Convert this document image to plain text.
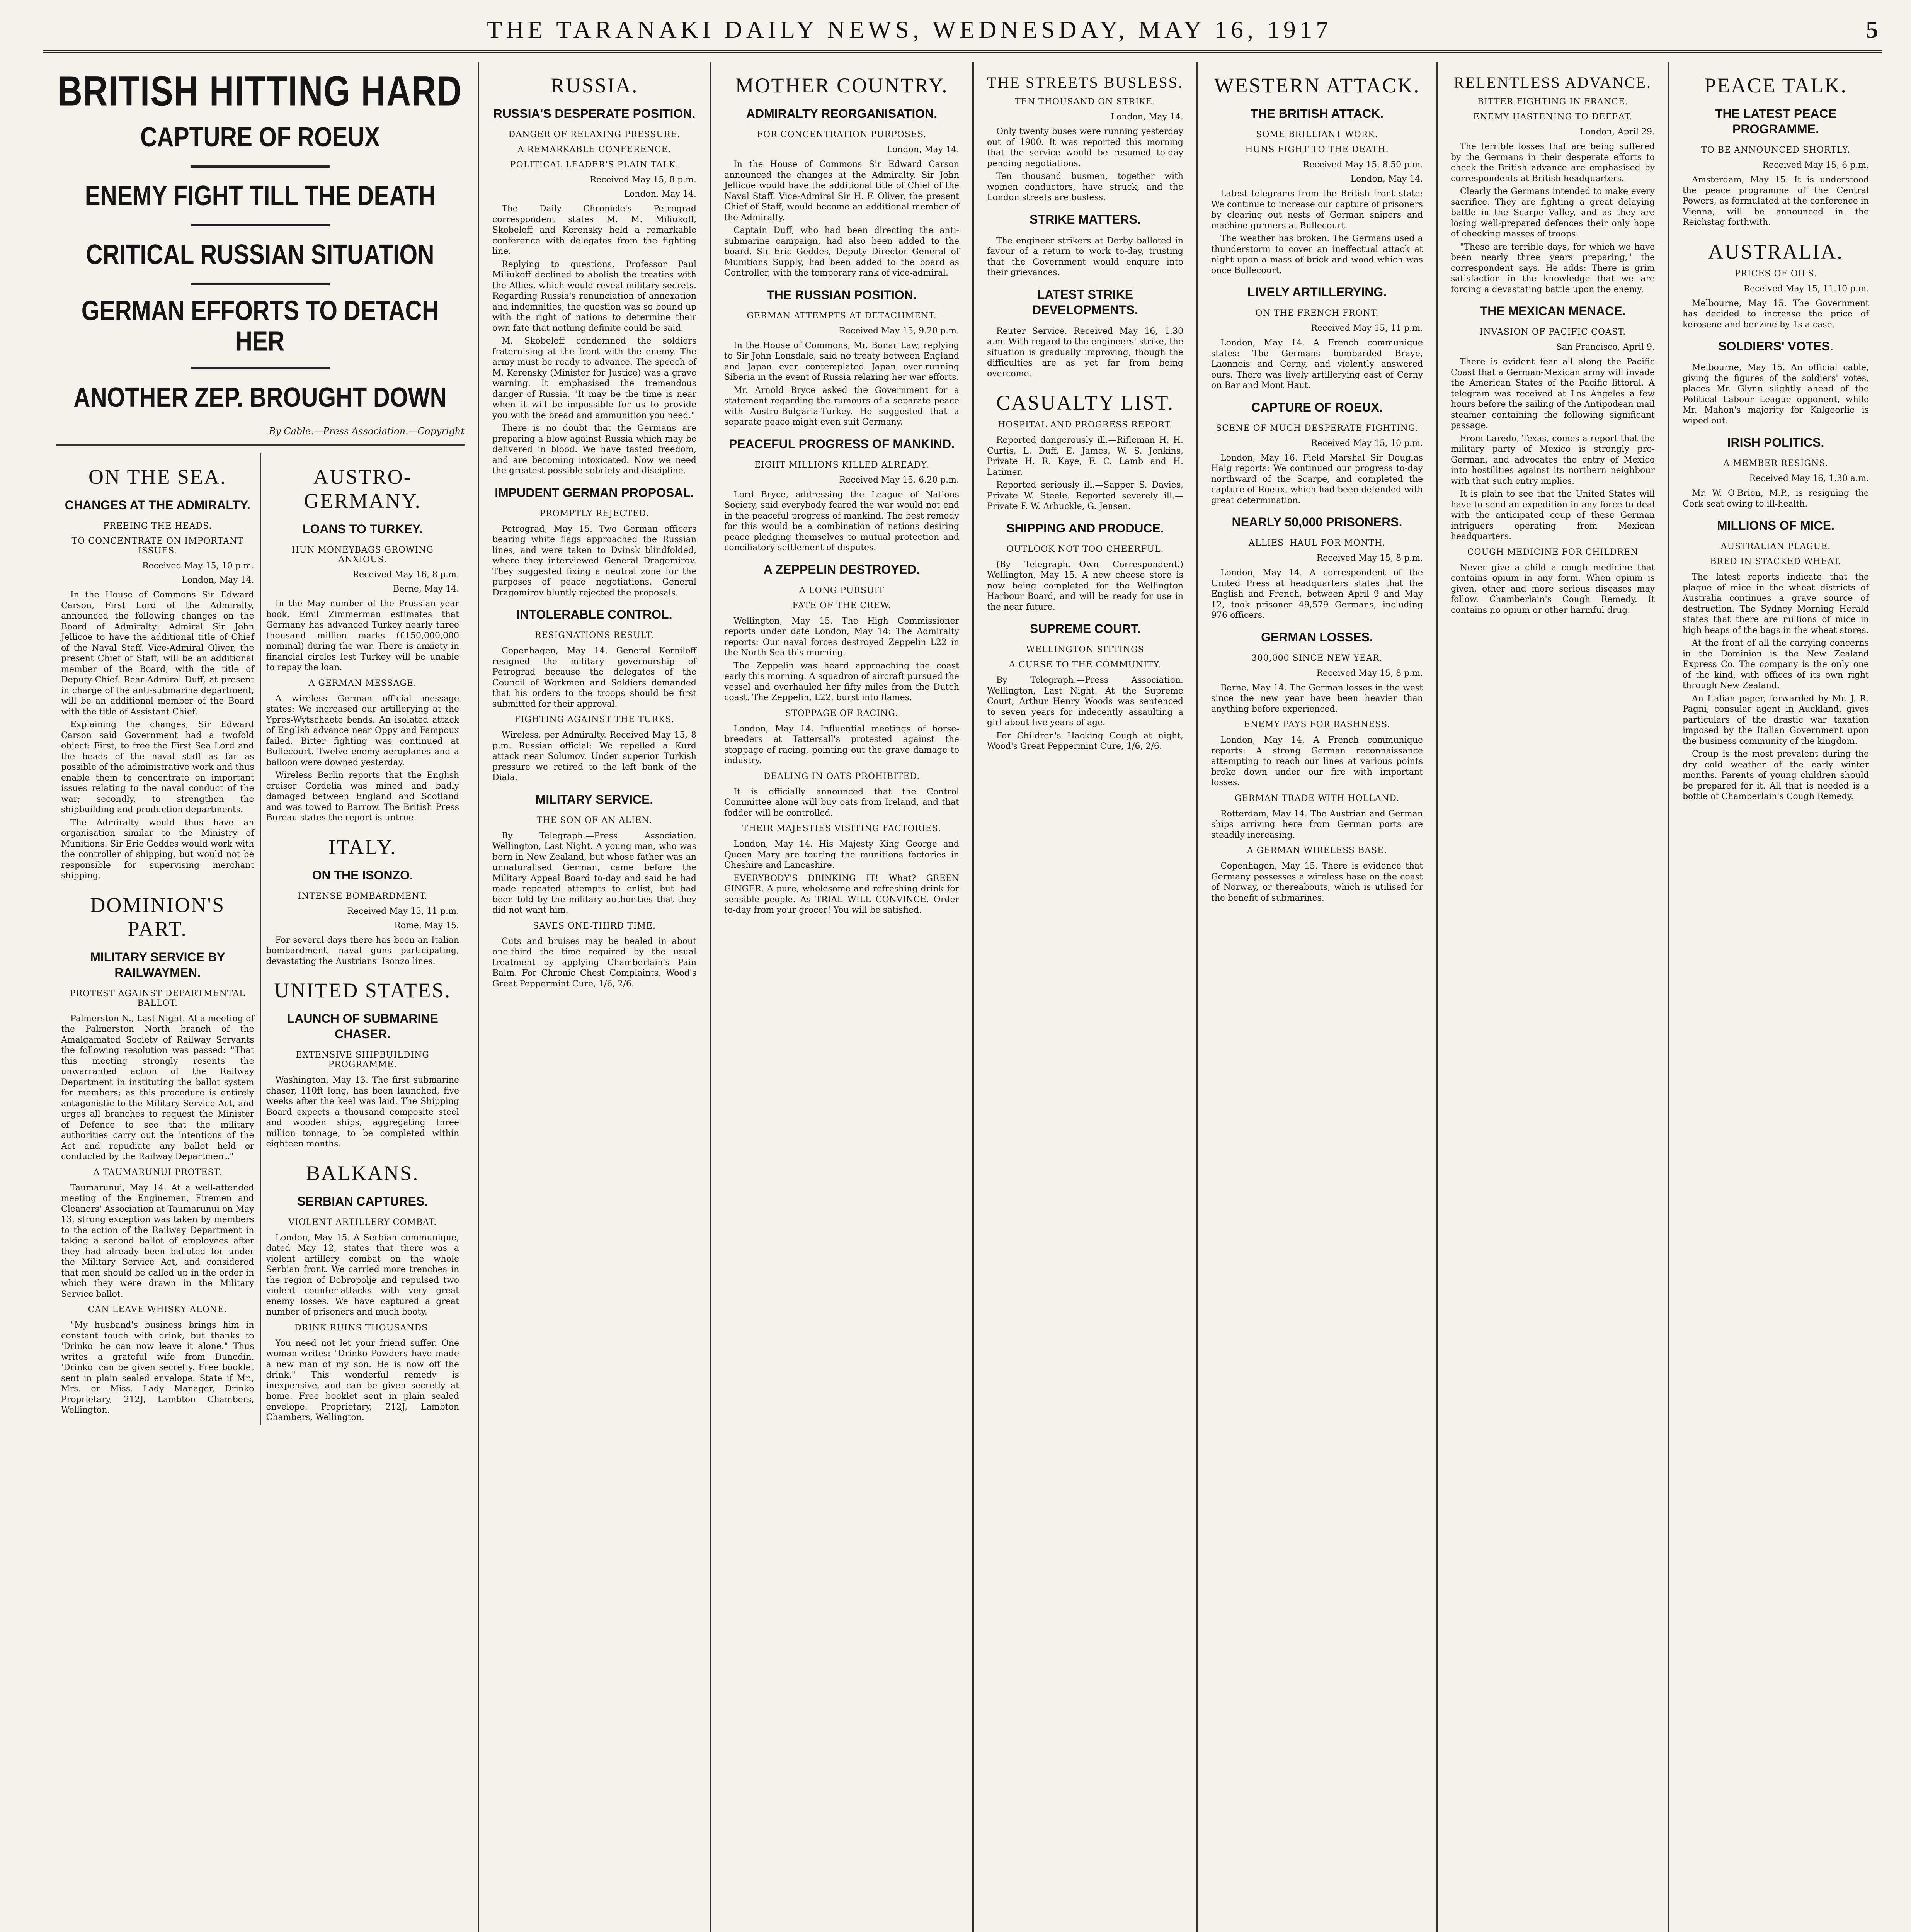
THE TARANAKI DAILY NEWS, WEDNESDAY, MAY 16, 1917	5
BRITISH HITTING HARD
CAPTURE OF ROEUX
ENEMY FIGHT TILL THE DEATH
CRITICAL RUSSIAN SITUATION
GERMAN EFFORTS TO DETACH HER
ANOTHER ZEP. BROUGHT DOWN
By Cable.—Press Association.—Copyright
ON THE SEA.
CHANGES AT THE ADMIRALTY.
FREEING THE HEADS.
TO CONCENTRATE ON IMPORTANT ISSUES.
Received May 15, 10 p.m.
London, May 14.

In the House of Commons Sir Edward Carson, First Lord of the Admiralty, announced the following changes on the Board of Admiralty: Admiral Sir John Jellicoe to have the additional title of Chief of the Naval Staff. Vice-Admiral Oliver, the present Chief of Staff, will be an additional member of the Board, with the title of Deputy-Chief. Rear-Admiral Duff, at present in charge of the anti-submarine department, will be an additional member of the Board with the title of Assistant Chief.

Explaining the changes, Sir Edward Carson said Government had a twofold object: First, to free the First Sea Lord and the heads of the naval staff as far as possible of the administrative work and thus enable them to concentrate on important issues relating to the naval conduct of the war; secondly, to strengthen the shipbuilding and production departments.

The Admiralty would thus have an organisation similar to the Ministry of Munitions. Sir Eric Geddes would work with the controller of shipping, but would not be responsible for supervising merchant shipping.

DOMINION'S PART.
MILITARY SERVICE BY RAILWAYMEN.
PROTEST AGAINST DEPARTMENTAL BALLOT.

Palmerston N., Last Night. At a meeting of the Palmerston North branch of the Amalgamated Society of Railway Servants the following resolution was passed: "That this meeting strongly resents the unwarranted action of the Railway Department in instituting the ballot system for members; as this procedure is entirely antagonistic to the Military Service Act, and urges all branches to request the Minister of Defence to see that the military authorities carry out the intentions of the Act and repudiate any ballot held or conducted by the Railway Department."

A TAUMARUNUI PROTEST.

Taumarunui, May 14. At a well-attended meeting of the Enginemen, Firemen and Cleaners' Association at Taumarunui on May 13, strong exception was taken by members to the action of the Railway Department in taking a second ballot of employees after they had already been balloted for under the Military Service Act, and considered that men should be called up in the order in which they were drawn in the Military Service ballot.

CAN LEAVE WHISKY ALONE.

"My husband's business brings him in constant touch with drink, but thanks to 'Drinko' he can now leave it alone." Thus writes a grateful wife from Dunedin. 'Drinko' can be given secretly. Free booklet sent in plain sealed envelope. State if Mr., Mrs. or Miss. Lady Manager, Drinko Proprietary, 212J, Lambton Chambers, Wellington.

AUSTRO-GERMANY.
LOANS TO TURKEY.
HUN MONEYBAGS GROWING ANXIOUS.
Received May 16, 8 p.m.
Berne, May 14.

In the May number of the Prussian year book, Emil Zimmerman estimates that Germany has advanced Turkey nearly three thousand million marks (£150,000,000 nominal) during the war. There is anxiety in financial circles lest Turkey will be unable to repay the loan.

A GERMAN MESSAGE.

A wireless German official message states: We increased our artillerying at the Ypres-Wytschaete bends. An isolated attack of English advance near Oppy and Fampoux failed. Bitter fighting was continued at Bullecourt. Twelve enemy aeroplanes and a balloon were downed yesterday.

Wireless Berlin reports that the English cruiser Cordelia was mined and badly damaged between England and Scotland and was towed to Barrow. The British Press Bureau states the report is untrue.

ITALY.
ON THE ISONZO.
INTENSE BOMBARDMENT.
Received May 15, 11 p.m.
Rome, May 15.

For several days there has been an Italian bombardment, naval guns participating, devastating the Austrians' Isonzo lines.

UNITED STATES.
LAUNCH OF SUBMARINE CHASER.
EXTENSIVE SHIPBUILDING PROGRAMME.

Washington, May 13. The first submarine chaser, 110ft long, has been launched, five weeks after the keel was laid. The Shipping Board expects a thousand composite steel and wooden ships, aggregating three million tonnage, to be completed within eighteen months.

BALKANS.
SERBIAN CAPTURES.
VIOLENT ARTILLERY COMBAT.

London, May 15. A Serbian communique, dated May 12, states that there was a violent artillery combat on the whole Serbian front. We carried more trenches in the region of Dobropolje and repulsed two violent counter-attacks with very great enemy losses. We have captured a great number of prisoners and much booty.

DRINK RUINS THOUSANDS.

You need not let your friend suffer. One woman writes: "Drinko Powders have made a new man of my son. He is now off the drink." This wonderful remedy is inexpensive, and can be given secretly at home. Free booklet sent in plain sealed envelope. Proprietary, 212J, Lambton Chambers, Wellington.

RUSSIA.
RUSSIA'S DESPERATE POSITION.
DANGER OF RELAXING PRESSURE.
A REMARKABLE CONFERENCE.
POLITICAL LEADER'S PLAIN TALK.
Received May 15, 8 p.m.
London, May 14.

The Daily Chronicle's Petrograd correspondent states M. M. Miliukoff, Skobeleff and Kerensky held a remarkable conference with delegates from the fighting line.

Replying to questions, Professor Paul Miliukoff declined to abolish the treaties with the Allies, which would reveal military secrets. Regarding Russia's renunciation of annexation and indemnities, the question was so bound up with the right of nations to determine their own fate that nothing definite could be said.

M. Skobeleff condemned the soldiers fraternising at the front with the enemy. The army must be ready to advance. The speech of M. Kerensky (Minister for Justice) was a grave warning. It emphasised the tremendous danger of Russia. "It may be the time is near when it will be impossible for us to provide you with the bread and ammunition you need."

There is no doubt that the Germans are preparing a blow against Russia which may be delivered in blood. We have tasted freedom, and are becoming intoxicated. Now we need the greatest possible sobriety and discipline.

IMPUDENT GERMAN PROPOSAL.
PROMPTLY REJECTED.

Petrograd, May 15. Two German officers bearing white flags approached the Russian lines, and were taken to Dvinsk blindfolded, where they interviewed General Dragomirov. They suggested fixing a neutral zone for the purposes of peace negotiations. General Dragomirov bluntly rejected the proposals.

INTOLERABLE CONTROL.
RESIGNATIONS RESULT.

Copenhagen, May 14. General Korniloff resigned the military governorship of Petrograd because the delegates of the Council of Workmen and Soldiers demanded that his orders to the troops should be first submitted for their approval.

FIGHTING AGAINST THE TURKS.

Wireless, per Admiralty. Received May 15, 8 p.m. Russian official: We repelled a Kurd attack near Solumov. Under superior Turkish pressure we retired to the left bank of the Diala.

MILITARY SERVICE.
THE SON OF AN ALIEN.

By Telegraph.—Press Association. Wellington, Last Night. A young man, who was born in New Zealand, but whose father was an unnaturalised German, came before the Military Appeal Board to-day and said he had made repeated attempts to enlist, but had been told by the military authorities that they did not want him.

SAVES ONE-THIRD TIME.

Cuts and bruises may be healed in about one-third the time required by the usual treatment by applying Chamberlain's Pain Balm. For Chronic Chest Complaints, Wood's Great Peppermint Cure, 1/6, 2/6.

MOTHER COUNTRY.
ADMIRALTY REORGANISATION.
FOR CONCENTRATION PURPOSES.
London, May 14.

In the House of Commons Sir Edward Carson announced the changes at the Admiralty. Sir John Jellicoe would have the additional title of Chief of the Naval Staff. Vice-Admiral Sir H. F. Oliver, the present Chief of Staff, would become an additional member of the Admiralty.

Captain Duff, who had been directing the anti-submarine campaign, had also been added to the board. Sir Eric Geddes, Deputy Director General of Munitions Supply, had been added to the board as Controller, with the temporary rank of vice-admiral.

THE RUSSIAN POSITION.
GERMAN ATTEMPTS AT DETACHMENT.
Received May 15, 9.20 p.m.

In the House of Commons, Mr. Bonar Law, replying to Sir John Lonsdale, said no treaty between England and Japan ever contemplated Japan over-running Siberia in the event of Russia relaxing her war efforts.

Mr. Arnold Bryce asked the Government for a statement regarding the rumours of a separate peace with Austro-Bulgaria-Turkey. He suggested that a separate peace might even suit Germany.

PEACEFUL PROGRESS OF MANKIND.
EIGHT MILLIONS KILLED ALREADY.
Received May 15, 6.20 p.m.

Lord Bryce, addressing the League of Nations Society, said everybody feared the war would not end in the peaceful progress of mankind. The best remedy for this would be a combination of nations desiring peace pledging themselves to mutual protection and conciliatory settlement of disputes.

A ZEPPELIN DESTROYED.
A LONG PURSUIT
FATE OF THE CREW.

Wellington, May 15. The High Commissioner reports under date London, May 14: The Admiralty reports: Our naval forces destroyed Zeppelin L22 in the North Sea this morning.

The Zeppelin was heard approaching the coast early this morning. A squadron of aircraft pursued the vessel and overhauled her fifty miles from the Dutch coast. The Zeppelin, L22, burst into flames.

STOPPAGE OF RACING.

London, May 14. Influential meetings of horse-breeders at Tattersall's protested against the stoppage of racing, pointing out the grave damage to industry.

DEALING IN OATS PROHIBITED.

It is officially announced that the Control Committee alone will buy oats from Ireland, and that fodder will be controlled.

THEIR MAJESTIES VISITING FACTORIES.

London, May 14. His Majesty King George and Queen Mary are touring the munitions factories in Cheshire and Lancashire.

EVERYBODY'S DRINKING IT! What? GREEN GINGER. A pure, wholesome and refreshing drink for sensible people. As TRIAL WILL CONVINCE. Order to-day from your grocer! You will be satisfied.

THE STREETS BUSLESS.
TEN THOUSAND ON STRIKE.
London, May 14.

Only twenty buses were running yesterday out of 1900. It was reported this morning that the service would be resumed to-day pending negotiations.

Ten thousand busmen, together with women conductors, have struck, and the London streets are busless.

STRIKE MATTERS.

The engineer strikers at Derby balloted in favour of a return to work to-day, trusting that the Government would enquire into their grievances.

LATEST STRIKE DEVELOPMENTS.

Reuter Service. Received May 16, 1.30 a.m. With regard to the engineers' strike, the situation is gradually improving, though the difficulties are as yet far from being overcome.

CASUALTY LIST.
HOSPITAL AND PROGRESS REPORT.

Reported dangerously ill.—Rifleman H. H. Curtis, L. Duff, E. James, W. S. Jenkins, Private H. R. Kaye, F. C. Lamb and H. Latimer.

Reported seriously ill.—Sapper S. Davies, Private W. Steele. Reported severely ill.—Private F. W. Arbuckle, G. Jensen.

SHIPPING AND PRODUCE.
OUTLOOK NOT TOO CHEERFUL.

(By Telegraph.—Own Correspondent.) Wellington, May 15. A new cheese store is now being completed for the Wellington Harbour Board, and will be ready for use in the near future.

SUPREME COURT.
WELLINGTON SITTINGS
A CURSE TO THE COMMUNITY.

By Telegraph.—Press Association. Wellington, Last Night. At the Supreme Court, Arthur Henry Woods was sentenced to seven years for indecently assaulting a girl about five years of age.

For Children's Hacking Cough at night, Wood's Great Peppermint Cure, 1/6, 2/6.

WESTERN ATTACK.
THE BRITISH ATTACK.
SOME BRILLIANT WORK.
HUNS FIGHT TO THE DEATH.
Received May 15, 8.50 p.m.
London, May 14.

Latest telegrams from the British front state: We continue to increase our capture of prisoners by clearing out nests of German snipers and machine-gunners at Bullecourt.

The weather has broken. The Germans used a thunderstorm to cover an ineffectual attack at night upon a mass of brick and wood which was once Bullecourt.

LIVELY ARTILLERYING.
ON THE FRENCH FRONT.
Received May 15, 11 p.m.

London, May 14. A French communique states: The Germans bombarded Braye, Laonnois and Cerny, and violently answered ours. There was lively artillerying east of Cerny on Bar and Mont Haut.

CAPTURE OF ROEUX.
SCENE OF MUCH DESPERATE FIGHTING.
Received May 15, 10 p.m.

London, May 16. Field Marshal Sir Douglas Haig reports: We continued our progress to-day northward of the Scarpe, and completed the capture of Roeux, which had been defended with great determination.

NEARLY 50,000 PRISONERS.
ALLIES' HAUL FOR MONTH.
Received May 15, 8 p.m.

London, May 14. A correspondent of the United Press at headquarters states that the English and French, between April 9 and May 12, took prisoner 49,579 Germans, including 976 officers.

GERMAN LOSSES.
300,000 SINCE NEW YEAR.
Received May 15, 8 p.m.

Berne, May 14. The German losses in the west since the new year have been heavier than anything before experienced.

ENEMY PAYS FOR RASHNESS.

London, May 14. A French communique reports: A strong German reconnaissance attempting to reach our lines at various points broke down under our fire with important losses.

GERMAN TRADE WITH HOLLAND.

Rotterdam, May 14. The Austrian and German ships arriving here from German ports are steadily increasing.

A GERMAN WIRELESS BASE.

Copenhagen, May 15. There is evidence that Germany possesses a wireless base on the coast of Norway, or thereabouts, which is utilised for the benefit of submarines.

RELENTLESS ADVANCE.
BITTER FIGHTING IN FRANCE.
ENEMY HASTENING TO DEFEAT.
London, April 29.

The terrible losses that are being suffered by the Germans in their desperate efforts to check the British advance are emphasised by correspondents at British headquarters.

Clearly the Germans intended to make every sacrifice. They are fighting a great delaying battle in the Scarpe Valley, and as they are losing well-prepared defences their only hope of checking masses of troops.

"These are terrible days, for which we have been nearly three years preparing," the correspondent says. He adds: There is grim satisfaction in the knowledge that we are forcing a devastating battle upon the enemy.

THE MEXICAN MENACE.
INVASION OF PACIFIC COAST.
San Francisco, April 9.

There is evident fear all along the Pacific Coast that a German-Mexican army will invade the American States of the Pacific littoral. A telegram was received at Los Angeles a few hours before the sailing of the Antipodean mail steamer containing the following significant passage.

From Laredo, Texas, comes a report that the military party of Mexico is strongly pro-German, and advocates the entry of Mexico into hostilities against its northern neighbour with that such entry implies.

It is plain to see that the United States will have to send an expedition in any force to deal with the anticipated coup of these German intriguers operating from Mexican headquarters.

COUGH MEDICINE FOR CHILDREN

Never give a child a cough medicine that contains opium in any form. When opium is given, other and more serious diseases may follow. Chamberlain's Cough Remedy. It contains no opium or other harmful drug.

PEACE TALK.
THE LATEST PEACE PROGRAMME.
TO BE ANNOUNCED SHORTLY.
Received May 15, 6 p.m.

Amsterdam, May 15. It is understood the peace programme of the Central Powers, as formulated at the conference in Vienna, will be announced in the Reichstag forthwith.

AUSTRALIA.
PRICES OF OILS.
Received May 15, 11.10 p.m.

Melbourne, May 15. The Government has decided to increase the price of kerosene and benzine by 1s a case.

SOLDIERS' VOTES.

Melbourne, May 15. An official cable, giving the figures of the soldiers' votes, places Mr. Glynn slightly ahead of the Political Labour League opponent, while Mr. Mahon's majority for Kalgoorlie is wiped out.

IRISH POLITICS.
A MEMBER RESIGNS.
Received May 16, 1.30 a.m.

Mr. W. O'Brien, M.P., is resigning the Cork seat owing to ill-health.

MILLIONS OF MICE.
AUSTRALIAN PLAGUE.
BRED IN STACKED WHEAT.

The latest reports indicate that the plague of mice in the wheat districts of Australia continues a grave source of destruction. The Sydney Morning Herald states that there are millions of mice in high heaps of the bags in the wheat stores.

At the front of all the carrying concerns in the Dominion is the New Zealand Express Co. The company is the only one of the kind, with offices of its own right through New Zealand.

An Italian paper, forwarded by Mr. J. R. Pagni, consular agent in Auckland, gives particulars of the drastic war taxation imposed by the Italian Government upon the business community of the kingdom.

Croup is the most prevalent during the dry cold weather of the early winter months. Parents of young children should be prepared for it. All that is needed is a bottle of Chamberlain's Cough Remedy.
